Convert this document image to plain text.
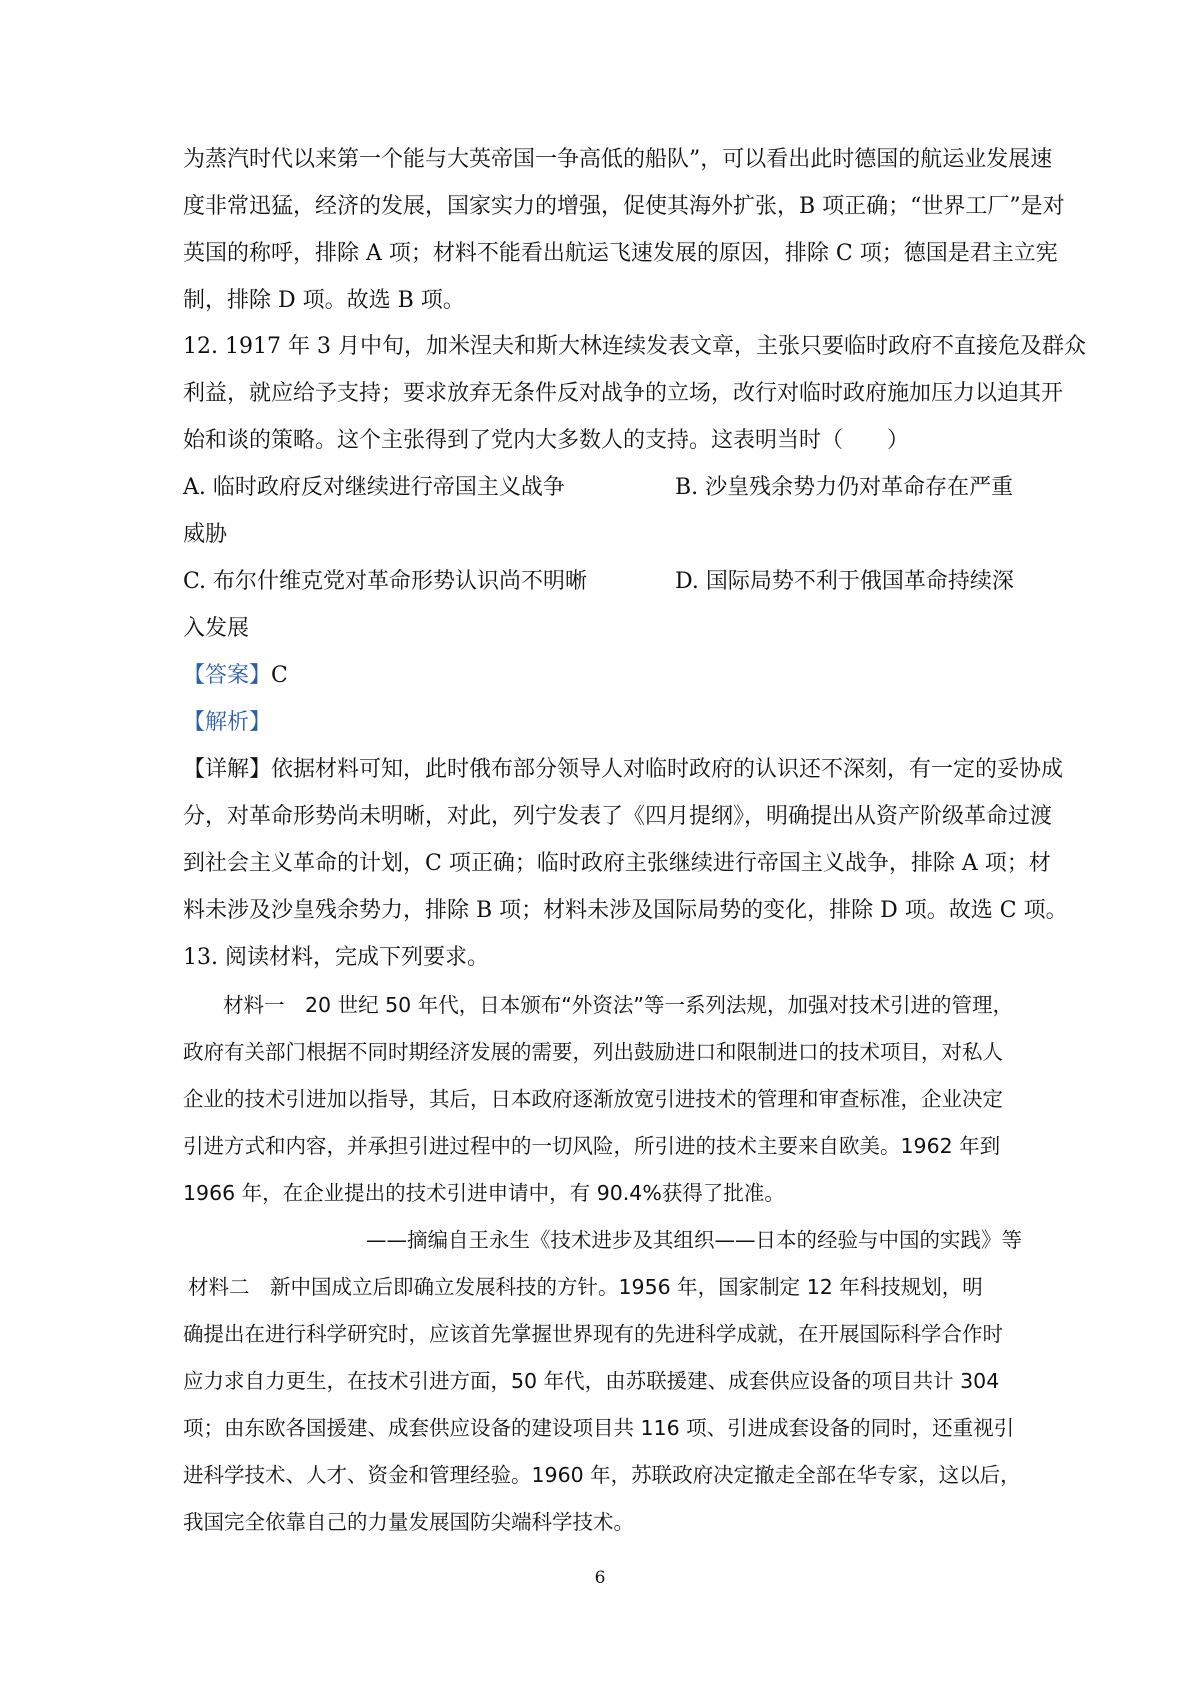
为蒸汽时代以来第一个能与大英帝国一争高低的船队”，可以看出此时德国的航运业发展速
度非常迅猛，经济的发展，国家实力的增强，促使其海外扩张，B 项正确；“世界工厂”是对
英国的称呼，排除 A 项；材料不能看出航运飞速发展的原因，排除 C 项；德国是君主立宪
制，排除 D 项。故选 B 项。
12. 1917 年 3 月中旬，加米涅夫和斯大林连续发表文章，主张只要临时政府不直接危及群众
利益，就应给予支持；要求放弃无条件反对战争的立场，改行对临时政府施加压力以迫其开
始和谈的策略。这个主张得到了党内大多数人的支持。这表明当时（　　）
A. 临时政府反对继续进行帝国主义战争	B. 沙皇残余势力仍对革命存在严重
威胁
C. 布尔什维克党对革命形势认识尚不明晰	D. 国际局势不利于俄国革命持续深
入发展
【答案】C
【解析】
【详解】依据材料可知，此时俄布部分领导人对临时政府的认识还不深刻，有一定的妥协成
分，对革命形势尚未明晰，对此，列宁发表了《四月提纲》，明确提出从资产阶级革命过渡
到社会主义革命的计划，C 项正确；临时政府主张继续进行帝国主义战争，排除 A 项；材
料未涉及沙皇残余势力，排除 B 项；材料未涉及国际局势的变化，排除 D 项。故选 C 项。
13. 阅读材料，完成下列要求。
材料一　20 世纪 50 年代，日本颁布“外资法”等一系列法规，加强对技术引进的管理，
政府有关部门根据不同时期经济发展的需要，列出鼓励进口和限制进口的技术项目，对私人
企业的技术引进加以指导，其后，日本政府逐渐放宽引进技术的管理和审查标准，企业决定
引进方式和内容，并承担引进过程中的一切风险，所引进的技术主要来自欧美。1962 年到
1966 年，在企业提出的技术引进申请中，有 90.4%获得了批准。
——摘编自王永生《技术进步及其组织——日本的经验与中国的实践》等
材料二　新中国成立后即确立发展科技的方针。1956 年，国家制定 12 年科技规划，明
确提出在进行科学研究时，应该首先掌握世界现有的先进科学成就，在开展国际科学合作时
应力求自力更生，在技术引进方面，50 年代，由苏联援建、成套供应设备的项目共计 304
项；由东欧各国援建、成套供应设备的建设项目共 116 项、引进成套设备的同时，还重视引
进科学技术、人才、资金和管理经验。1960 年，苏联政府决定撤走全部在华专家，这以后，
我国完全依靠自己的力量发展国防尖端科学技术。
6
